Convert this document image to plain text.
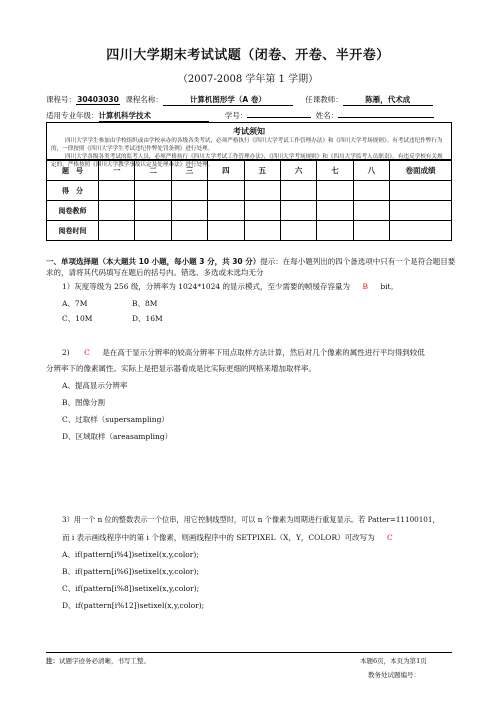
四川大学期末考试试题（闭卷、开卷、半开卷）
（2007-2008 学年第 1 学期）
课程号：30403030 课程名称：	计算机图形学（A 卷）	任课教师：	陈雁，代术成
适用专业年级：计算机科学技术	学号：	姓名：
考试须知
四川大学学生参加由学校组织或由学校承办的各级各类考试，必须严格执行《四川大学考试工作管理办法》和《四川大学考场规则》。有考试违纪作弊行为的，一律按照《四川大学学生考试违纪作弊处罚条例》进行处理。
四川大学各级各类考试的监考人员，必须严格执行《四川大学考试工作管理办法》、《四川大学考场规则》和《四川大学监考人员职责》。有违反学校有关规定的，严格按照《四川大学教学事故认定及处理办法》进行处理。
题　号	一	二	三	四	五	六	七	八	卷面成绩
得　分									
阅卷教师									
阅卷时间									
一、单项选择题（本大题共 10 小题，每小题 3 分，共 30 分）提示：在每小题列出的四个备选项中只有一个是符合题目要求的，请将其代码填写在题后的括号内。错选、多选或未选均无分
1）灰度等级为 256 级，分辨率为 1024*1024 的显示模式，至少需要的帧缓存容量为 B bit。
A、7M	B、8M
C、10M	D、16M
2) C 是在高于显示分辨率的较高分辨率下用点取样方法计算，然后对几个像素的属性进行平均得到较低
分辨率下的像素属性。实际上是把显示器看成是比实际更细的网格来增加取样率。
A、提高显示分辨率
B、图像分割
C、过取样（supersampling）
D、区域取样（areasampling）
3）用一个 n 位的整数表示一个位串，用它控制线型时，可以 n 个像素为周期进行重复显示。若 Patter=11100101，
而 i 表示画线程序中的第 i 个像素，则画线程序中的 SETPIXEL（X，Y，COLOR）可改写为 C
A、if(pattern[i%4])setixel(x,y,color);
B、if(pattern[i%6])setixel(x,y,color);
C、if(pattern[i%8])setixel(x,y,color);
D、if(pattern[i%12])setixel(x,y,color);
注：试题字迹务必清晰，书写工整。	本题6页，本页为第1页
教务处试题编号：
